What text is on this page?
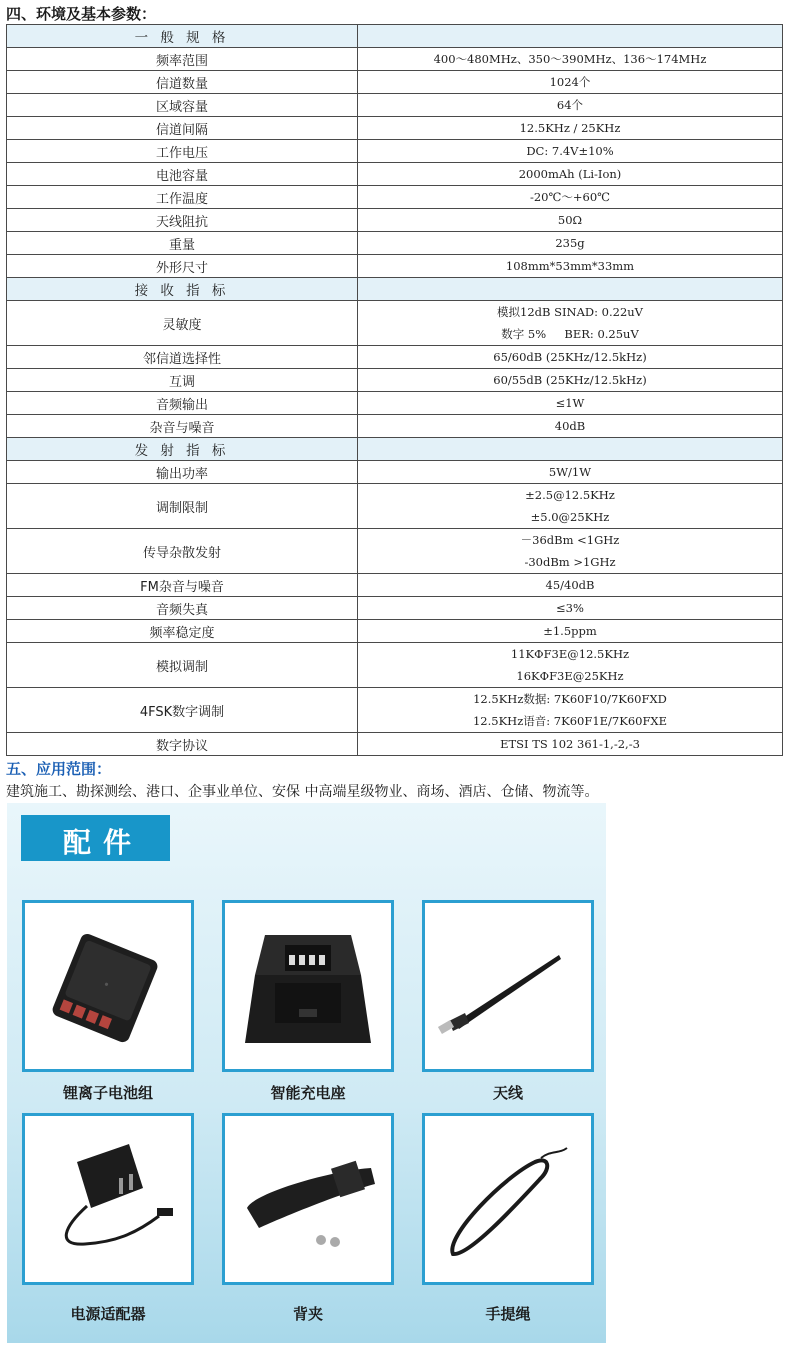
四、环境及基本参数：
一 般 规 格	
频率范围	400～480MHz、350～390MHz、136～174MHz
信道数量	1024个
区域容量	64个
信道间隔	12.5KHz / 25KHz
工作电压	DC: 7.4V±10%
电池容量	2000mAh (Li-Ion)
工作温度	-20℃～+60℃
天线阻抗	50Ω
重量	235g
外形尺寸	108mm*53mm*33mm
接 收 指 标	
灵敏度	模拟12dB SINAD: 0.22uV
数字 5%     BER: 0.25uV

邻信道选择性	65/60dB (25KHz/12.5kHz)
互调	60/55dB (25KHz/12.5kHz)
音频输出	≤1W
杂音与噪音	40dB
发 射 指 标	
输出功率	5W/1W
调制限制	±2.5@12.5KHz
±5.0@25KHz

传导杂散发射	－36dBm <1GHz
-30dBm >1GHz

FM杂音与噪音	45/40dB
音频失真	≤3%
频率稳定度	±1.5ppm
模拟调制	11KΦF3E@12.5KHz
16KΦF3E@25KHz

4FSK数字调制	12.5KHz数据: 7K60F10/7K60FXD
12.5KHz语音: 7K60F1E/7K60FXE

数字协议	ETSI TS 102 361-1,-2,-3
五、应用范围：
建筑施工、勘探测绘、港口、企事业单位、安保 中高端星级物业、商场、酒店、仓储、物流等。
配件
锂离子电池组	智能充电座	天线
电源适配器	背夹	手提绳
